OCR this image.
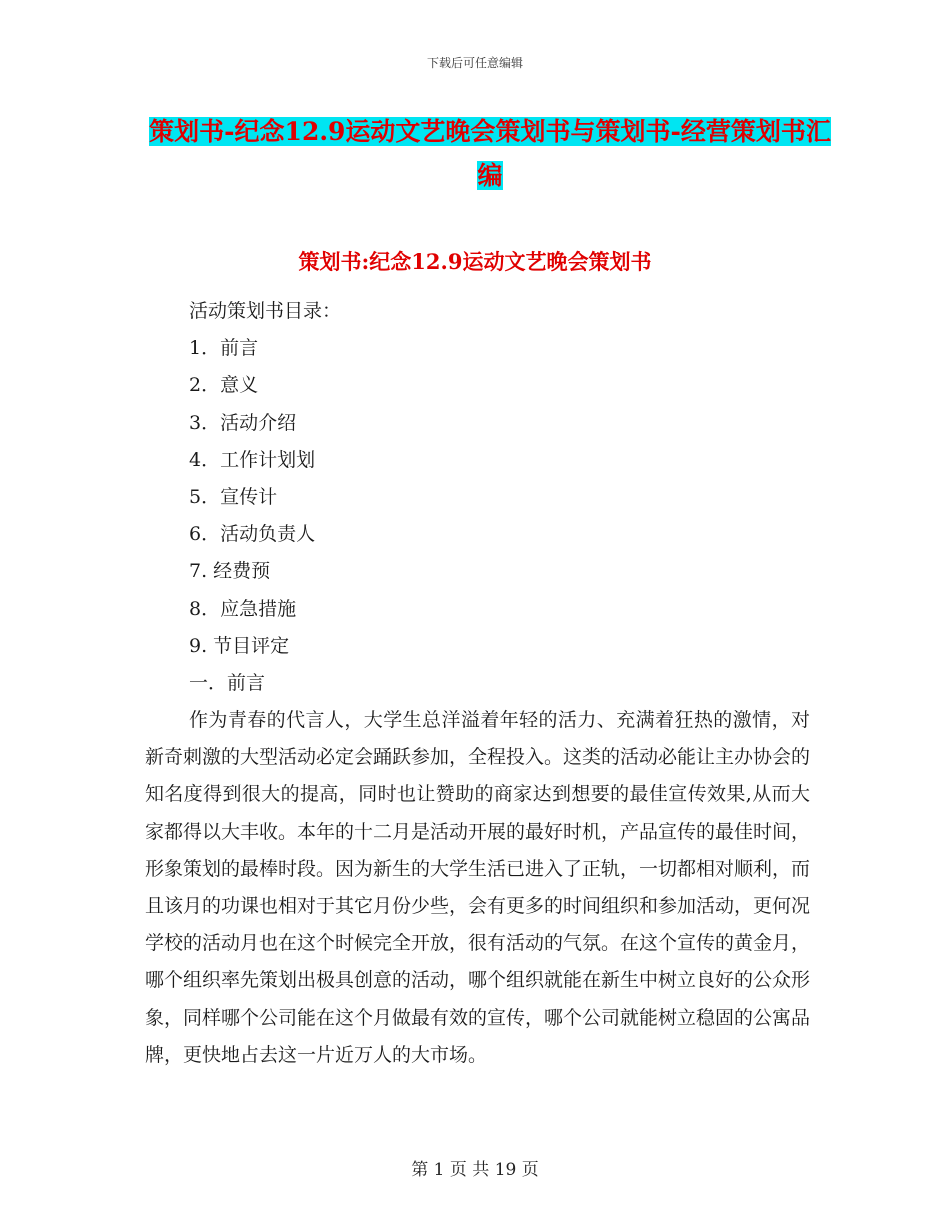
下载后可任意编辑
策划书-纪念12.9运动文艺晚会策划书与策划书-经营策划书汇编
策划书:纪念12.9运动文艺晚会策划书
活动策划书目录：
1．前言
2．意义
3．活动介绍
4．工作计划划
5．宣传计
6．活动负责人
7. 经费预
8．应急措施
9. 节目评定
一．前言

作为青春的代言人，大学生总洋溢着年轻的活力、充满着狂热的激情，对新奇刺激的大型活动必定会踊跃参加，全程投入。这类的活动必能让主办协会的知名度得到很大的提高，同时也让赞助的商家达到想要的最佳宣传效果,从而大家都得以大丰收。本年的十二月是活动开展的最好时机，产品宣传的最佳时间，形象策划的最棒时段。因为新生的大学生活已进入了正轨，一切都相对顺利，而且该月的功课也相对于其它月份少些，会有更多的时间组织和参加活动，更何况学校的活动月也在这个时候完全开放，很有活动的气氛。在这个宣传的黄金月，哪个组织率先策划出极具创意的活动，哪个组织就能在新生中树立良好的公众形象，同样哪个公司能在这个月做最有效的宣传，哪个公司就能树立稳固的公寓品牌，更快地占去这一片近万人的大市场。

第 1 页 共 19 页
